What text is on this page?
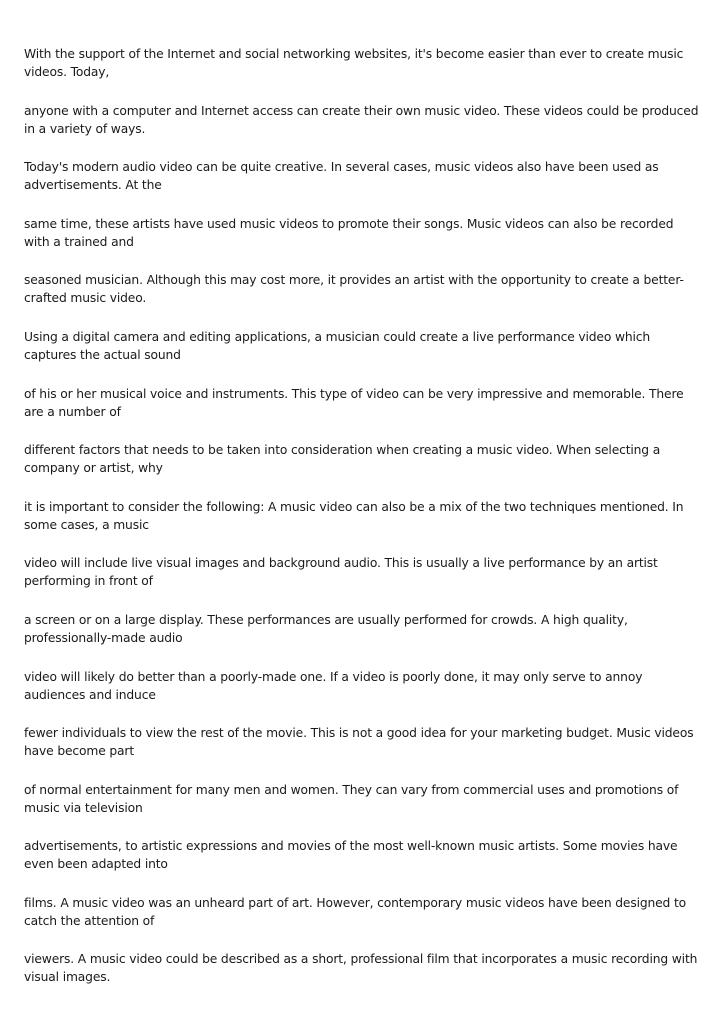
With the support of the Internet and social networking websites, it's become easier than ever to create music videos. Today,

anyone with a computer and Internet access can create their own music video. These videos could be produced in a variety of ways.

Today's modern audio video can be quite creative. In several cases, music videos also have been used as advertisements. At the

same time, these artists have used music videos to promote their songs. Music videos can also be recorded with a trained and

seasoned musician. Although this may cost more, it provides an artist with the opportunity to create a better-crafted music video.

Using a digital camera and editing applications, a musician could create a live performance video which captures the actual sound

of his or her musical voice and instruments. This type of video can be very impressive and memorable. There are a number of

different factors that needs to be taken into consideration when creating a music video. When selecting a company or artist, why

it is important to consider the following: A music video can also be a mix of the two techniques mentioned. In some cases, a music

video will include live visual images and background audio. This is usually a live performance by an artist performing in front of

a screen or on a large display. These performances are usually performed for crowds. A high quality, professionally-made audio

video will likely do better than a poorly-made one. If a video is poorly done, it may only serve to annoy audiences and induce

fewer individuals to view the rest of the movie. This is not a good idea for your marketing budget. Music videos have become part

of normal entertainment for many men and women. They can vary from commercial uses and promotions of music via television

advertisements, to artistic expressions and movies of the most well-known music artists. Some movies have even been adapted into

films. A music video was an unheard part of art. However, contemporary music videos have been designed to catch the attention of

viewers. A music video could be described as a short, professional film that incorporates a music recording with visual images.
